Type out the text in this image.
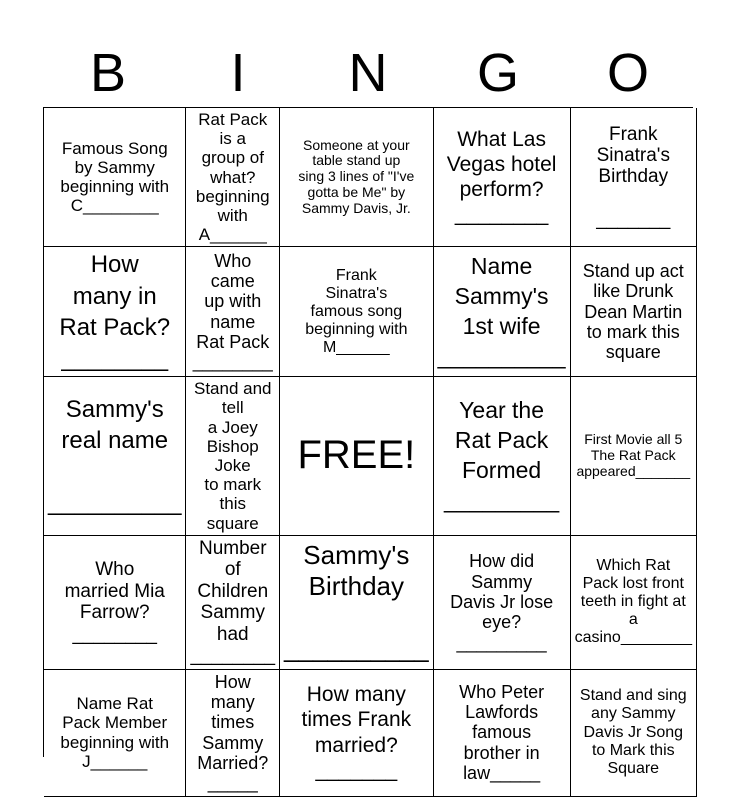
B	I	N	G	O
Famous Song
by Sammy
beginning with
C________
Rat Pack is a
group of
what?
beginning with
A______
Someone at your
table stand up
sing 3 lines of "I've
gotta be Me" by
Sammy Davis, Jr.
What Las
Vegas hotel
perform?
________
Frank
Sinatra's
Birthday

_______
How
many in
Rat Pack?
________
Who came
up with name
Rat Pack
________
Frank
Sinatra's
famous song
beginning with
M______
Name
Sammy's
1st wife
__________
Stand up act
like Drunk
Dean Martin
to mark this
square
Sammy's
real name

__________
Stand and tell
a Joey
Bishop Joke
to mark this
square
FREE!
Year the
Rat Pack
Formed
_________
First Movie all 5
The Rat Pack
appeared_______
Who
married Mia
Farrow?
________
Number of
Children
Sammy had
________
Sammy's
Birthday

__________
How did
Sammy
Davis Jr lose
eye?
_________
Which Rat
Pack lost front
teeth in fight at
a
casino________
Name Rat
Pack Member
beginning with
J______
How many
times
Sammy
Married?
_____
How many
times Frank
married?
_______
Who Peter
Lawfords
famous
brother in
law_____
Stand and sing
any Sammy
Davis Jr Song
to Mark this
Square
